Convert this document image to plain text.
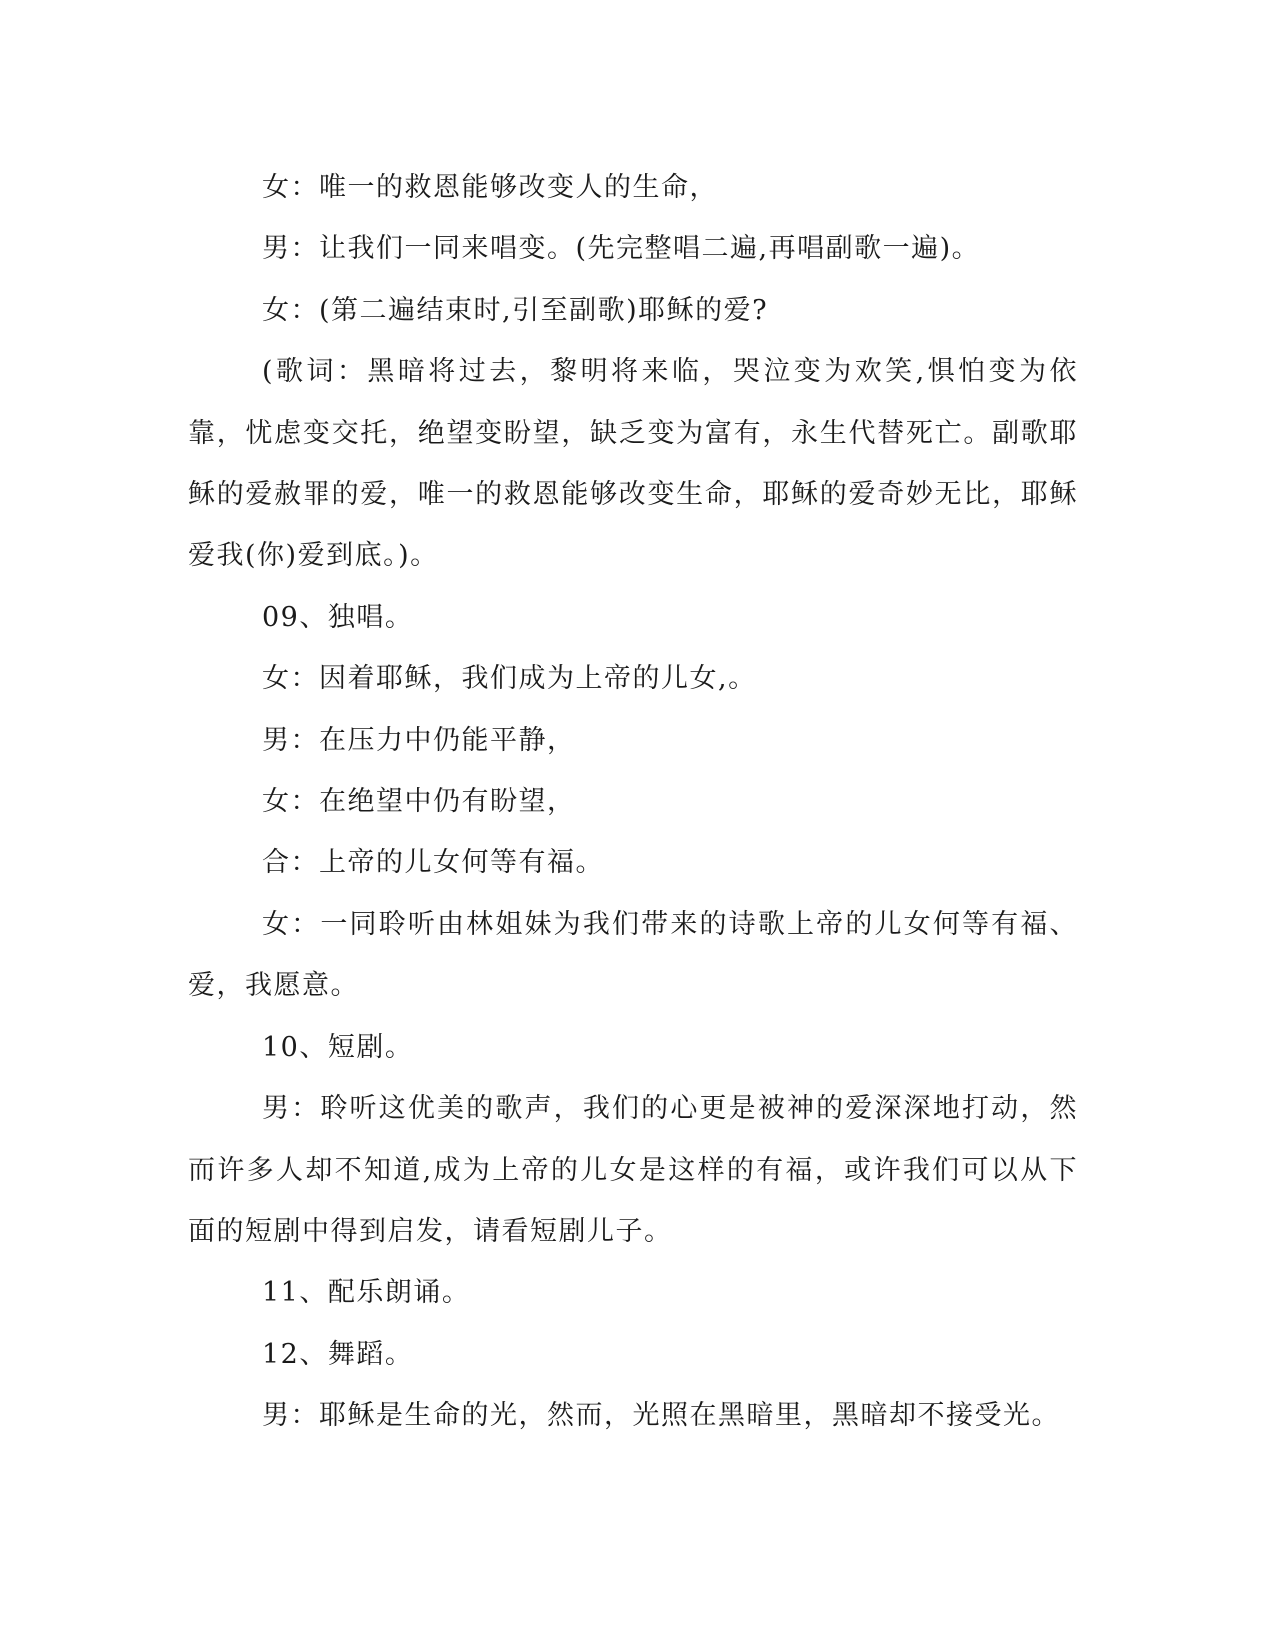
女：唯一的救恩能够改变人的生命，

男：让我们一同来唱变。(先完整唱二遍,再唱副歌一遍)。

女：(第二遍结束时,引至副歌)耶稣的爱?

(歌词：黑暗将过去，黎明将来临，哭泣变为欢笑,惧怕变为依靠，忧虑变交托，绝望变盼望，缺乏变为富有，永生代替死亡。副歌耶稣的爱赦罪的爱，唯一的救恩能够改变生命，耶稣的爱奇妙无比，耶稣爱我(你)爱到底。)。

09、独唱。

女：因着耶稣，我们成为上帝的儿女,。

男：在压力中仍能平静，

女：在绝望中仍有盼望，

合：上帝的儿女何等有福。

女：一同聆听由林姐妹为我们带来的诗歌上帝的儿女何等有福、爱，我愿意。

10、短剧。

男：聆听这优美的歌声，我们的心更是被神的爱深深地打动，然而许多人却不知道,成为上帝的儿女是这样的有福，或许我们可以从下面的短剧中得到启发，请看短剧儿子。

11、配乐朗诵。

12、舞蹈。

男：耶稣是生命的光，然而，光照在黑暗里，黑暗却不接受光。
